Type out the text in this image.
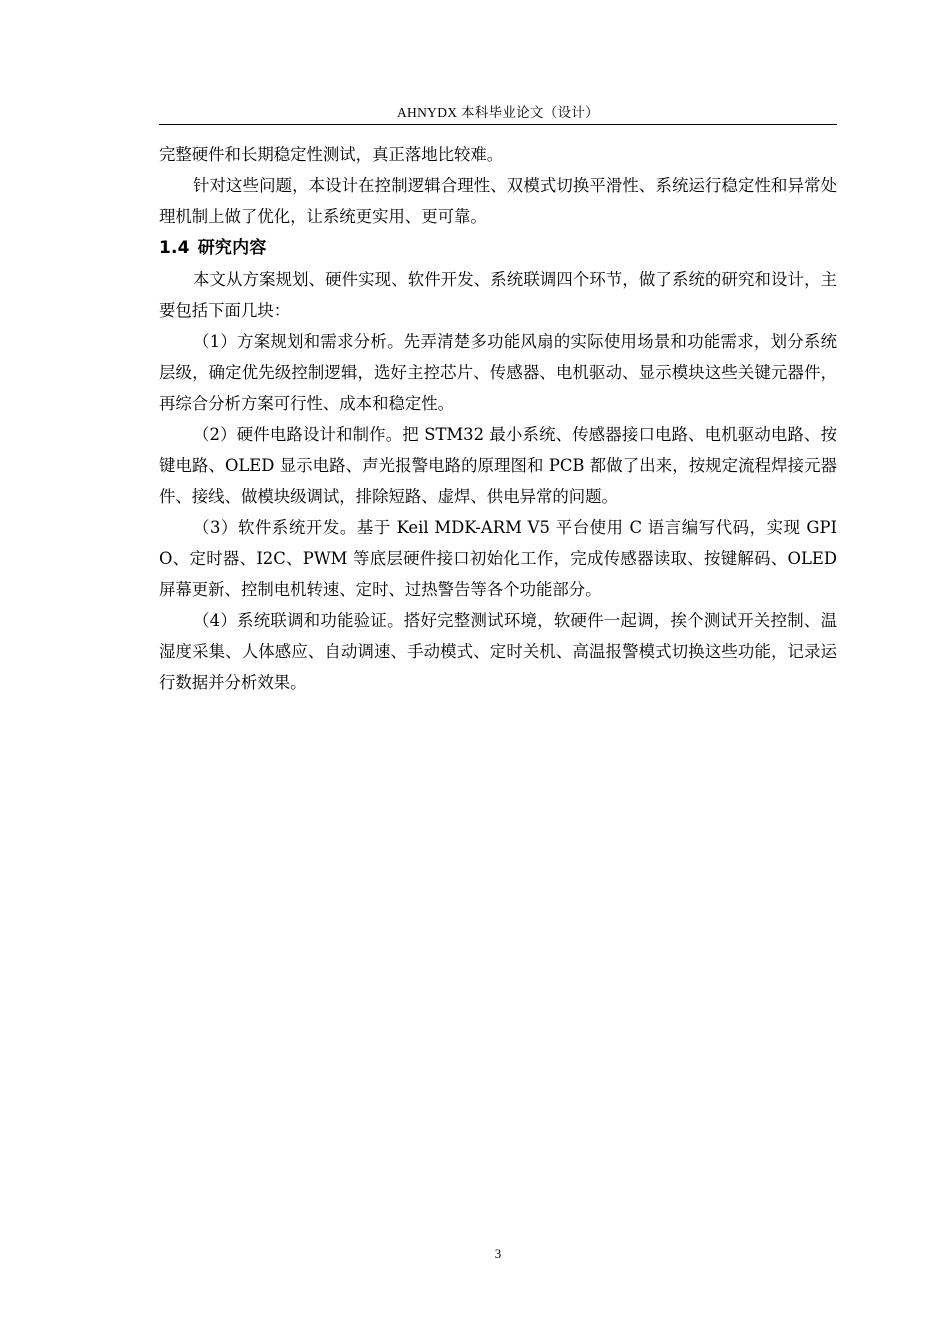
AHNYDX 本科毕业论文（设计）

完整硬件和长期稳定性测试，真正落地比较难。

针对这些问题，本设计在控制逻辑合理性、双模式切换平滑性、系统运行稳定性和异常处理机制上做了优化，让系统更实用、更可靠。

1.4 研究内容

本文从方案规划、硬件实现、软件开发、系统联调四个环节，做了系统的研究和设计，主要包括下面几块：

（1）方案规划和需求分析。先弄清楚多功能风扇的实际使用场景和功能需求，划分系统层级，确定优先级控制逻辑，选好主控芯片、传感器、电机驱动、显示模块这些关键元器件，再综合分析方案可行性、成本和稳定性。

（2）硬件电路设计和制作。把 STM32 最小系统、传感器接口电路、电机驱动电路、按键电路、OLED 显示电路、声光报警电路的原理图和 PCB 都做了出来，按规定流程焊接元器件、接线、做模块级调试，排除短路、虚焊、供电异常的问题。

（3）软件系统开发。基于 Keil MDK-ARM V5 平台使用 C 语言编写代码，实现 GPIO、定时器、I2C、PWM 等底层硬件接口初始化工作，完成传感器读取、按键解码、OLED 屏幕更新、控制电机转速、定时、过热警告等各个功能部分。

（4）系统联调和功能验证。搭好完整测试环境，软硬件一起调，挨个测试开关控制、温湿度采集、人体感应、自动调速、手动模式、定时关机、高温报警模式切换这些功能，记录运行数据并分析效果。

3
